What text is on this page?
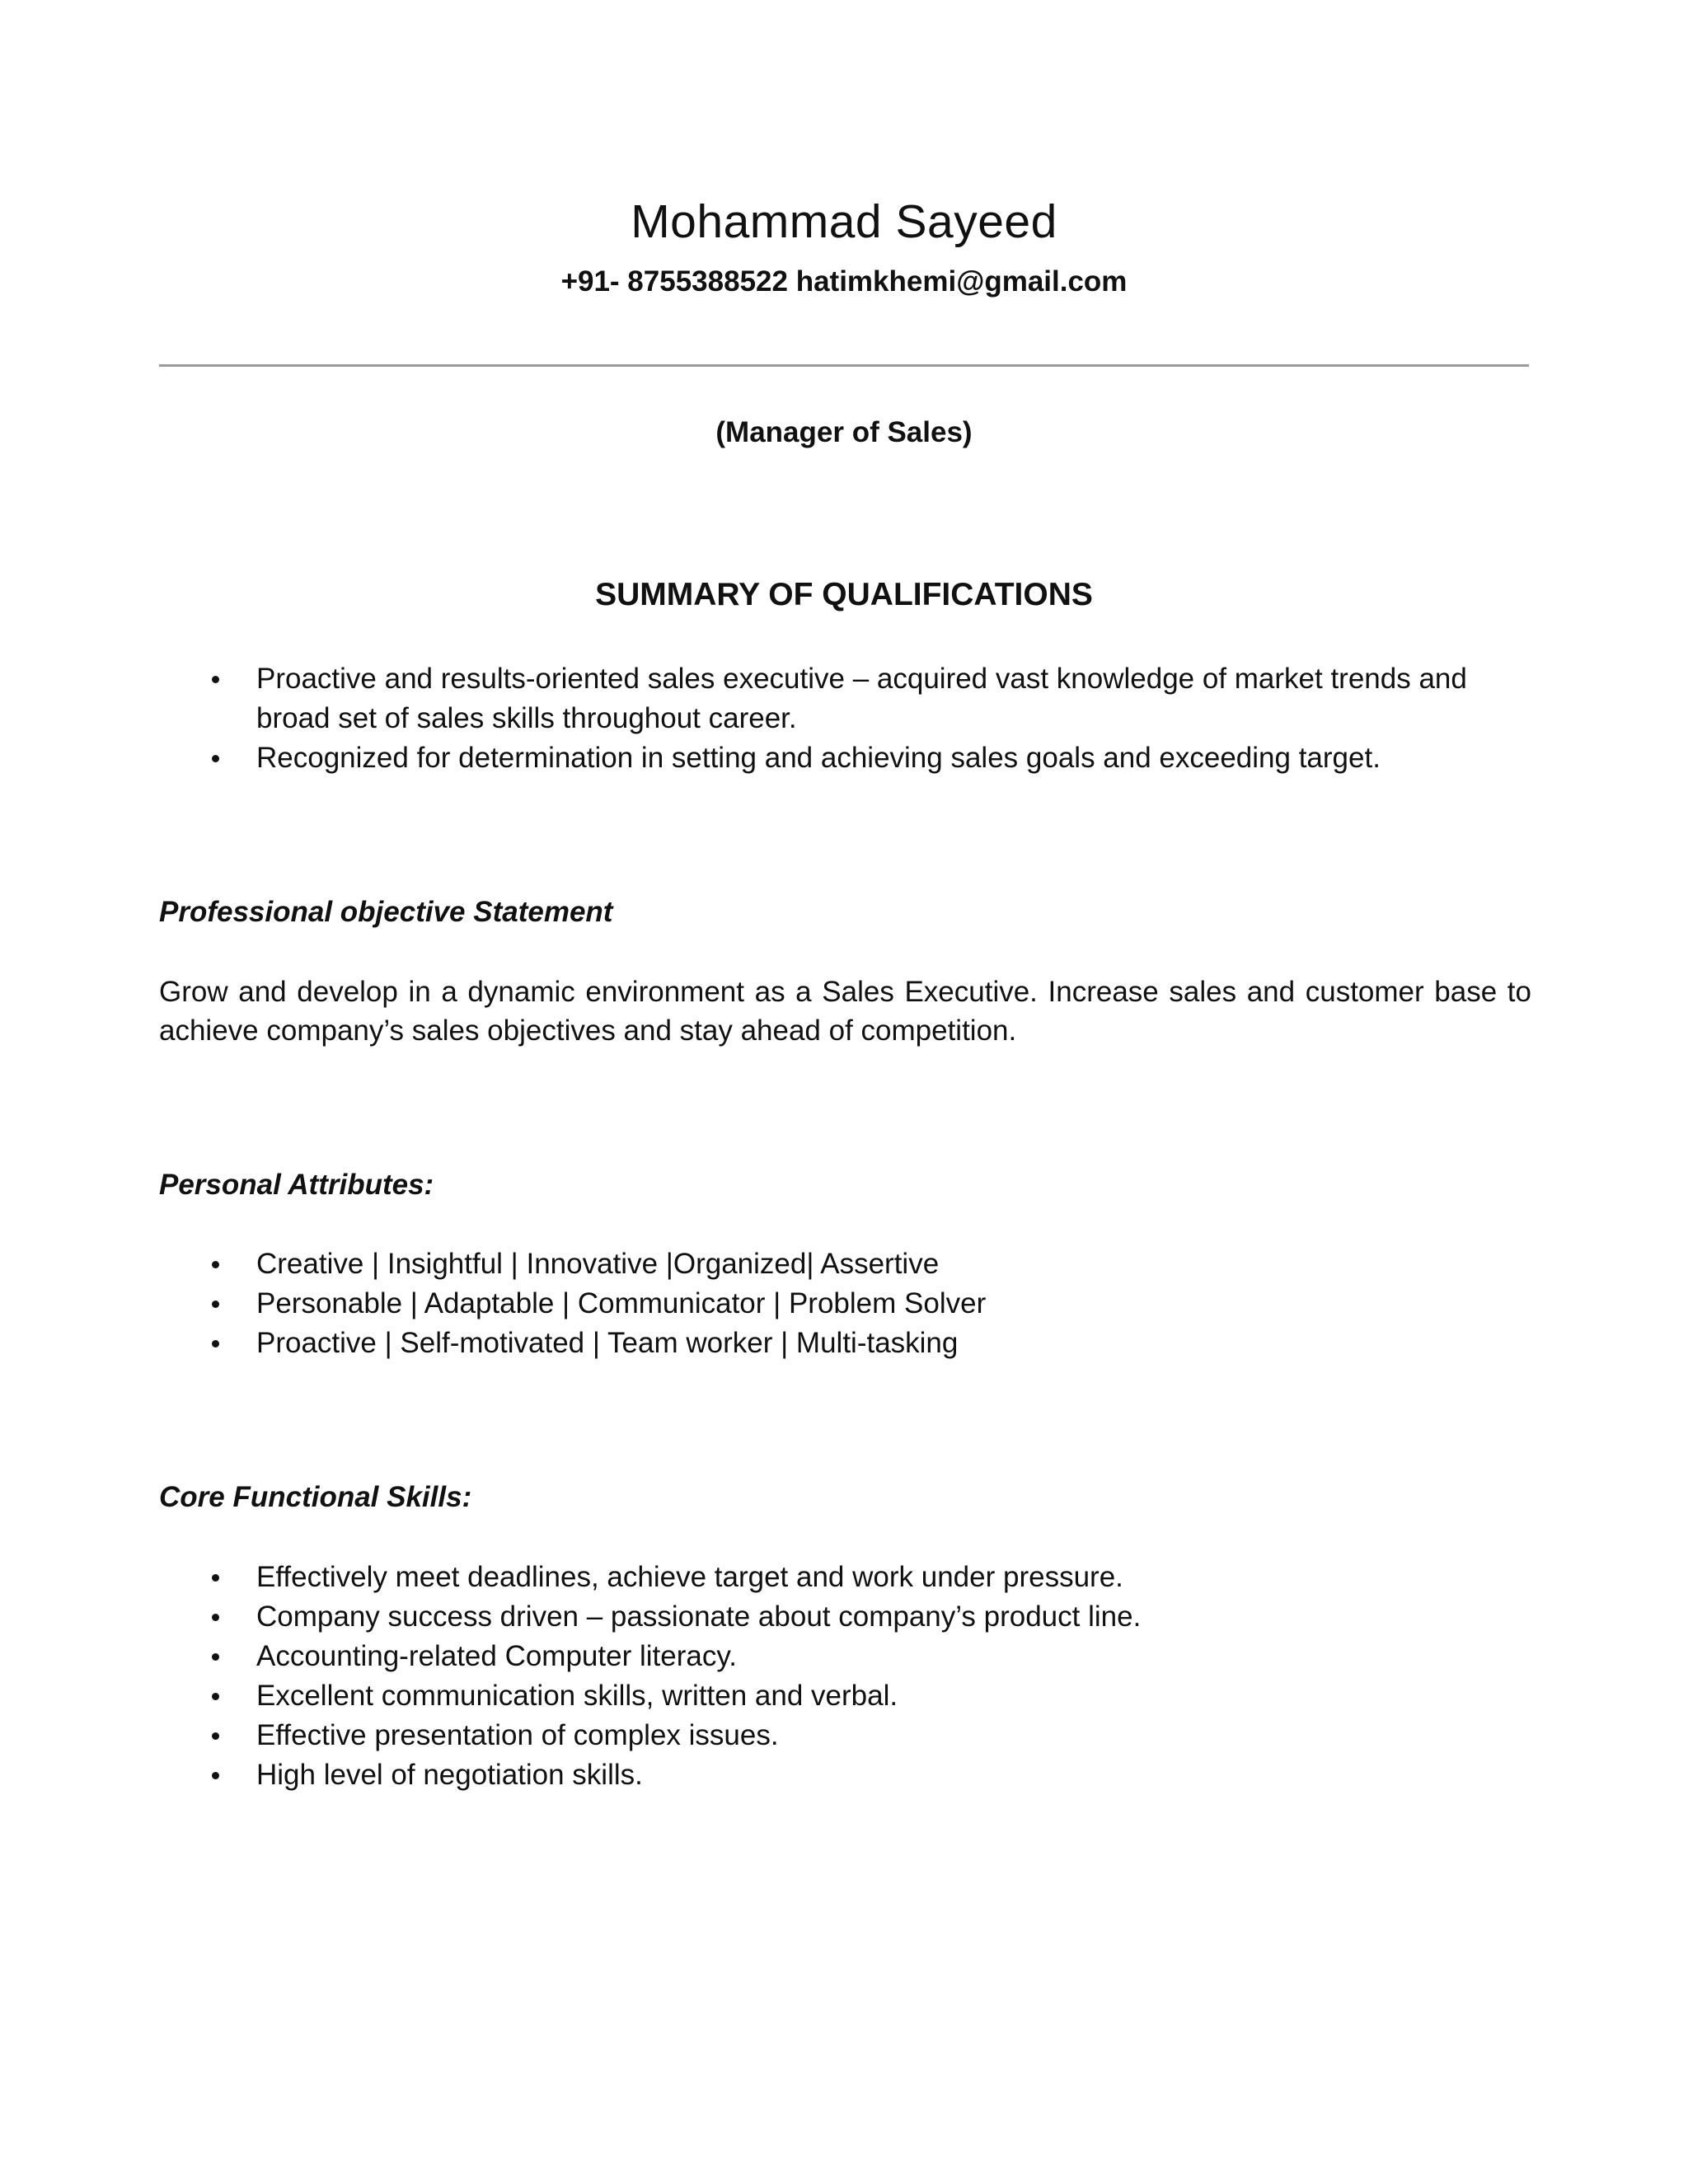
Mohammad Sayeed
+91- 8755388522 hatimkhemi@gmail.com
(Manager of Sales)
SUMMARY OF QUALIFICATIONS
Proactive and results-oriented sales executive – acquired vast knowledge of market trends and broad set of sales skills throughout career.
Recognized for determination in setting and achieving sales goals and exceeding target.
Professional objective Statement
Grow and develop in a dynamic environment as a Sales Executive. Increase sales and customer base to achieve company’s sales objectives and stay ahead of competition.
Personal Attributes:
Creative | Insightful | Innovative |Organized| Assertive
Personable | Adaptable | Communicator | Problem Solver
Proactive | Self-motivated | Team worker | Multi-tasking
Core Functional Skills:
Effectively meet deadlines, achieve target and work under pressure.
Company success driven – passionate about company’s product line.
Accounting-related Computer literacy.
Excellent communication skills, written and verbal.
Effective presentation of complex issues.
High level of negotiation skills.
